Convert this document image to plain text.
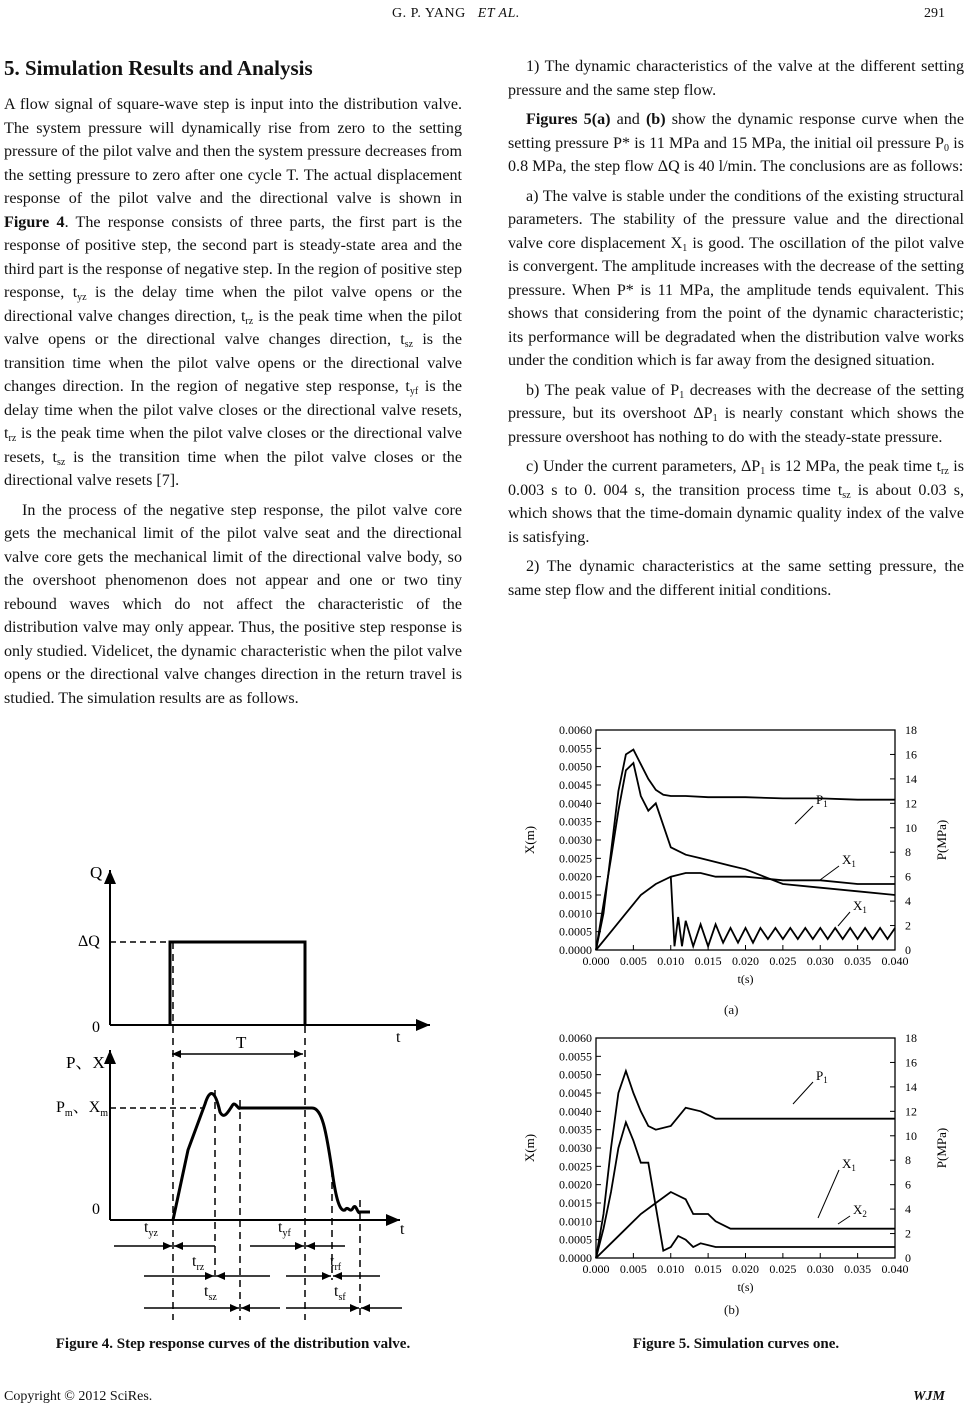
G. P. YANG ET AL.	291
5. Simulation Results and Analysis

A flow signal of square-wave step is input into the distribution valve. The system pressure will dynamically rise from zero to the setting pressure of the pilot valve and then the system pressure decreases from the setting pressure to zero after one cycle T. The actual displacement response of the pilot valve and the directional valve is shown in Figure 4. The response consists of three parts, the first part is the response of positive step, the second part is steady-state area and the third part is the response of negative step. In the region of positive step response, $t_{yz}$ is the delay time when the pilot valve opens or the directional valve changes direction, $t_{rz}$ is the peak time when the pilot valve opens or the directional valve changes direction, $t_{sz}$ is the transition time when the pilot valve opens or the directional valve changes direction. In the region of negative step response, $t_{yf}$ is the delay time when the pilot valve closes or the directional valve resets, $t_{rz}$ is the peak time when the pilot valve closes or the directional valve resets, $t_{sz}$ is the transition time when the pilot valve closes or the directional valve resets [7].

In the process of the negative step response, the pilot valve core gets the mechanical limit of the pilot valve seat and the directional valve core gets the mechanical limit of the directional valve body, so the overshoot phenomenon does not appear and one or two tiny rebound waves which do not affect the characteristic of the distribution valve may only appear. Thus, the positive step response is only studied. Videlicet, the dynamic characteristic when the pilot valve opens or the directional valve changes direction in the return travel is studied. The simulation results are as follows.

1) The dynamic characteristics of the valve at the different setting pressure and the same step flow.

Figures 5(a) and (b) show the dynamic response curve when the setting pressure P* is 11 MPa and 15 MPa, the initial oil pressure $P_0$ is 0.8 MPa, the step flow ΔQ is 40 l/min. The conclusions are as follows:

a) The valve is stable under the conditions of the existing structural parameters. The stability of the pressure value and the directional valve core displacement $X_1$ is good. The oscillation of the pilot valve is convergent. The amplitude increases with the decrease of the setting pressure. When P* is 11 MPa, the amplitude tends equivalent. This shows that considering from the point of the dynamic characteristic; its performance will be degradated when the distribution valve works under the condition which is far away from the designed situation.

b) The peak value of $P_1$ decreases with the decrease of the setting pressure, but its overshoot $\Delta P_1$ is nearly constant which shows the pressure overshoot has nothing to do with the steady-state pressure.

c) Under the current parameters, $\Delta P_1$ is 12 MPa, the peak time $t_{rz}$ is 0.003 s to 0. 004 s, the transition process time $t_{sz}$ is about 0.03 s, which shows that the time-domain dynamic quality index of the valve is satisfying.

2) The dynamic characteristics at the same setting pressure, the same step flow and the different initial conditions.

Q
ΔQ
0
t
T
P、X
$P_m$、$X_m$
0
t
$t_{yz}$	$t_{yf}$
$t_{rz}$	$t_{rf}$
$t_{sz}$	$t_{sf}$
Figure 4. Step response curves of the distribution valve.
0.0000
0.0005
0.0010
0.0015
0.0020
0.0025
0.0030
0.0035
0.0040
0.0045
0.0050
0.0055
0.0060
0
2
4
6
8
10
12
14
16
18
0.000 0.005 0.010 0.015 0.020 0.025 0.030 0.035 0.040
t(s)
X(m)	P(MPa)
$P_1$
$X_1$
$X_1$
(a)
0.0000
0.0005
0.0010
0.0015
0.0020
0.0025
0.0030
0.0035
0.0040
0.0045
0.0050
0.0055
0.0060
0
2
4
6
8
10
12
14
16
18
0.000 0.005 0.010 0.015 0.020 0.025 0.030 0.035 0.040
t(s)
X(m)	P(MPa)
$P_1$
$X_1$
$X_2$
(b)
Figure 5. Simulation curves one.
Copyright © 2012 SciRes.	WJM
